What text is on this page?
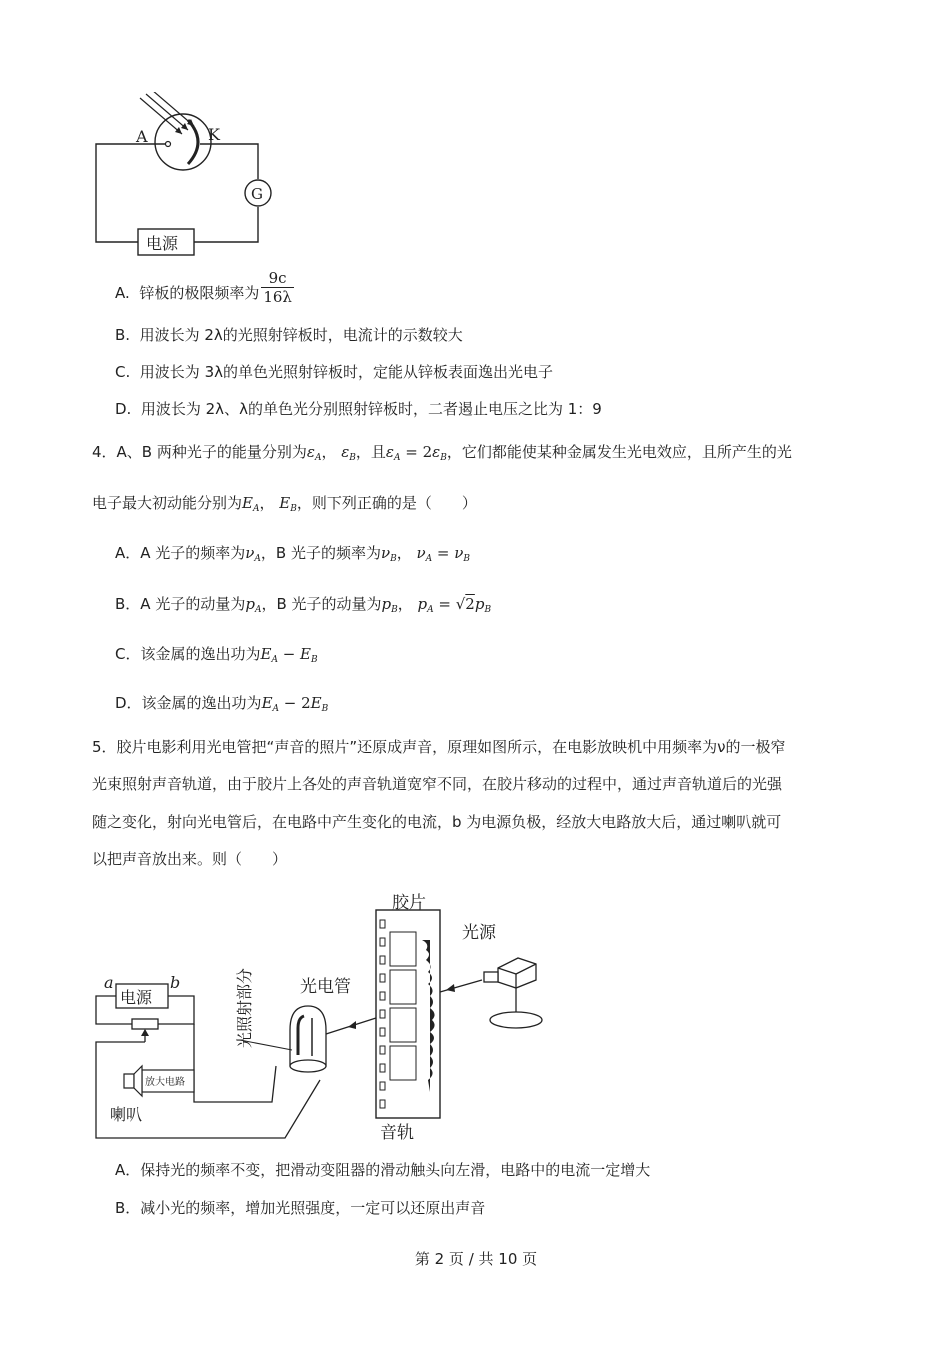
A	K
G
电源
A. 锌板的极限频率为 $\frac{9c}{16\lambda}$
B. 用波长为 2λ的光照射锌板时，电流计的示数较大
C. 用波长为 3λ的单色光照射锌板时，定能从锌板表面逸出光电子
D. 用波长为 2λ、λ的单色光分别照射锌板时，二者遏止电压之比为 1：9
4．A、B 两种光子的能量分别为$\varepsilon_A$， $\varepsilon_B$，且$\varepsilon_A = 2\varepsilon_B$，它们都能使某种金属发生光电效应，且所产生的光
电子最大初动能分别为$E_A$， $E_B$，则下列正确的是（　　）
A．A 光子的频率为$\nu_A$，B 光子的频率为$\nu_B$， $\nu_A = \nu_B$
B．A 光子的动量为$p_A$，B 光子的动量为$p_B$， $p_A = √2p_B$
C．该金属的逸出功为$E_A - E_B$
D．该金属的逸出功为$E_A - 2E_B$
5．胶片电影利用光电管把“声音的照片”还原成声音，原理如图所示，在电影放映机中用频率为ν的一极窄
光束照射声音轨道，由于胶片上各处的声音轨道宽窄不同，在胶片移动的过程中，通过声音轨道后的光强
随之变化，射向光电管后，在电路中产生变化的电流，b 为电源负极，经放大电路放大后，通过喇叭就可
以把声音放出来。则（　　）
a	b
电源
放大电路
喇叭
光电管
光照射部分
胶片
音轨
光源
A．保持光的频率不变，把滑动变阻器的滑动触头向左滑，电路中的电流一定增大
B．减小光的频率，增加光照强度，一定可以还原出声音
第 2 页 / 共 10 页
